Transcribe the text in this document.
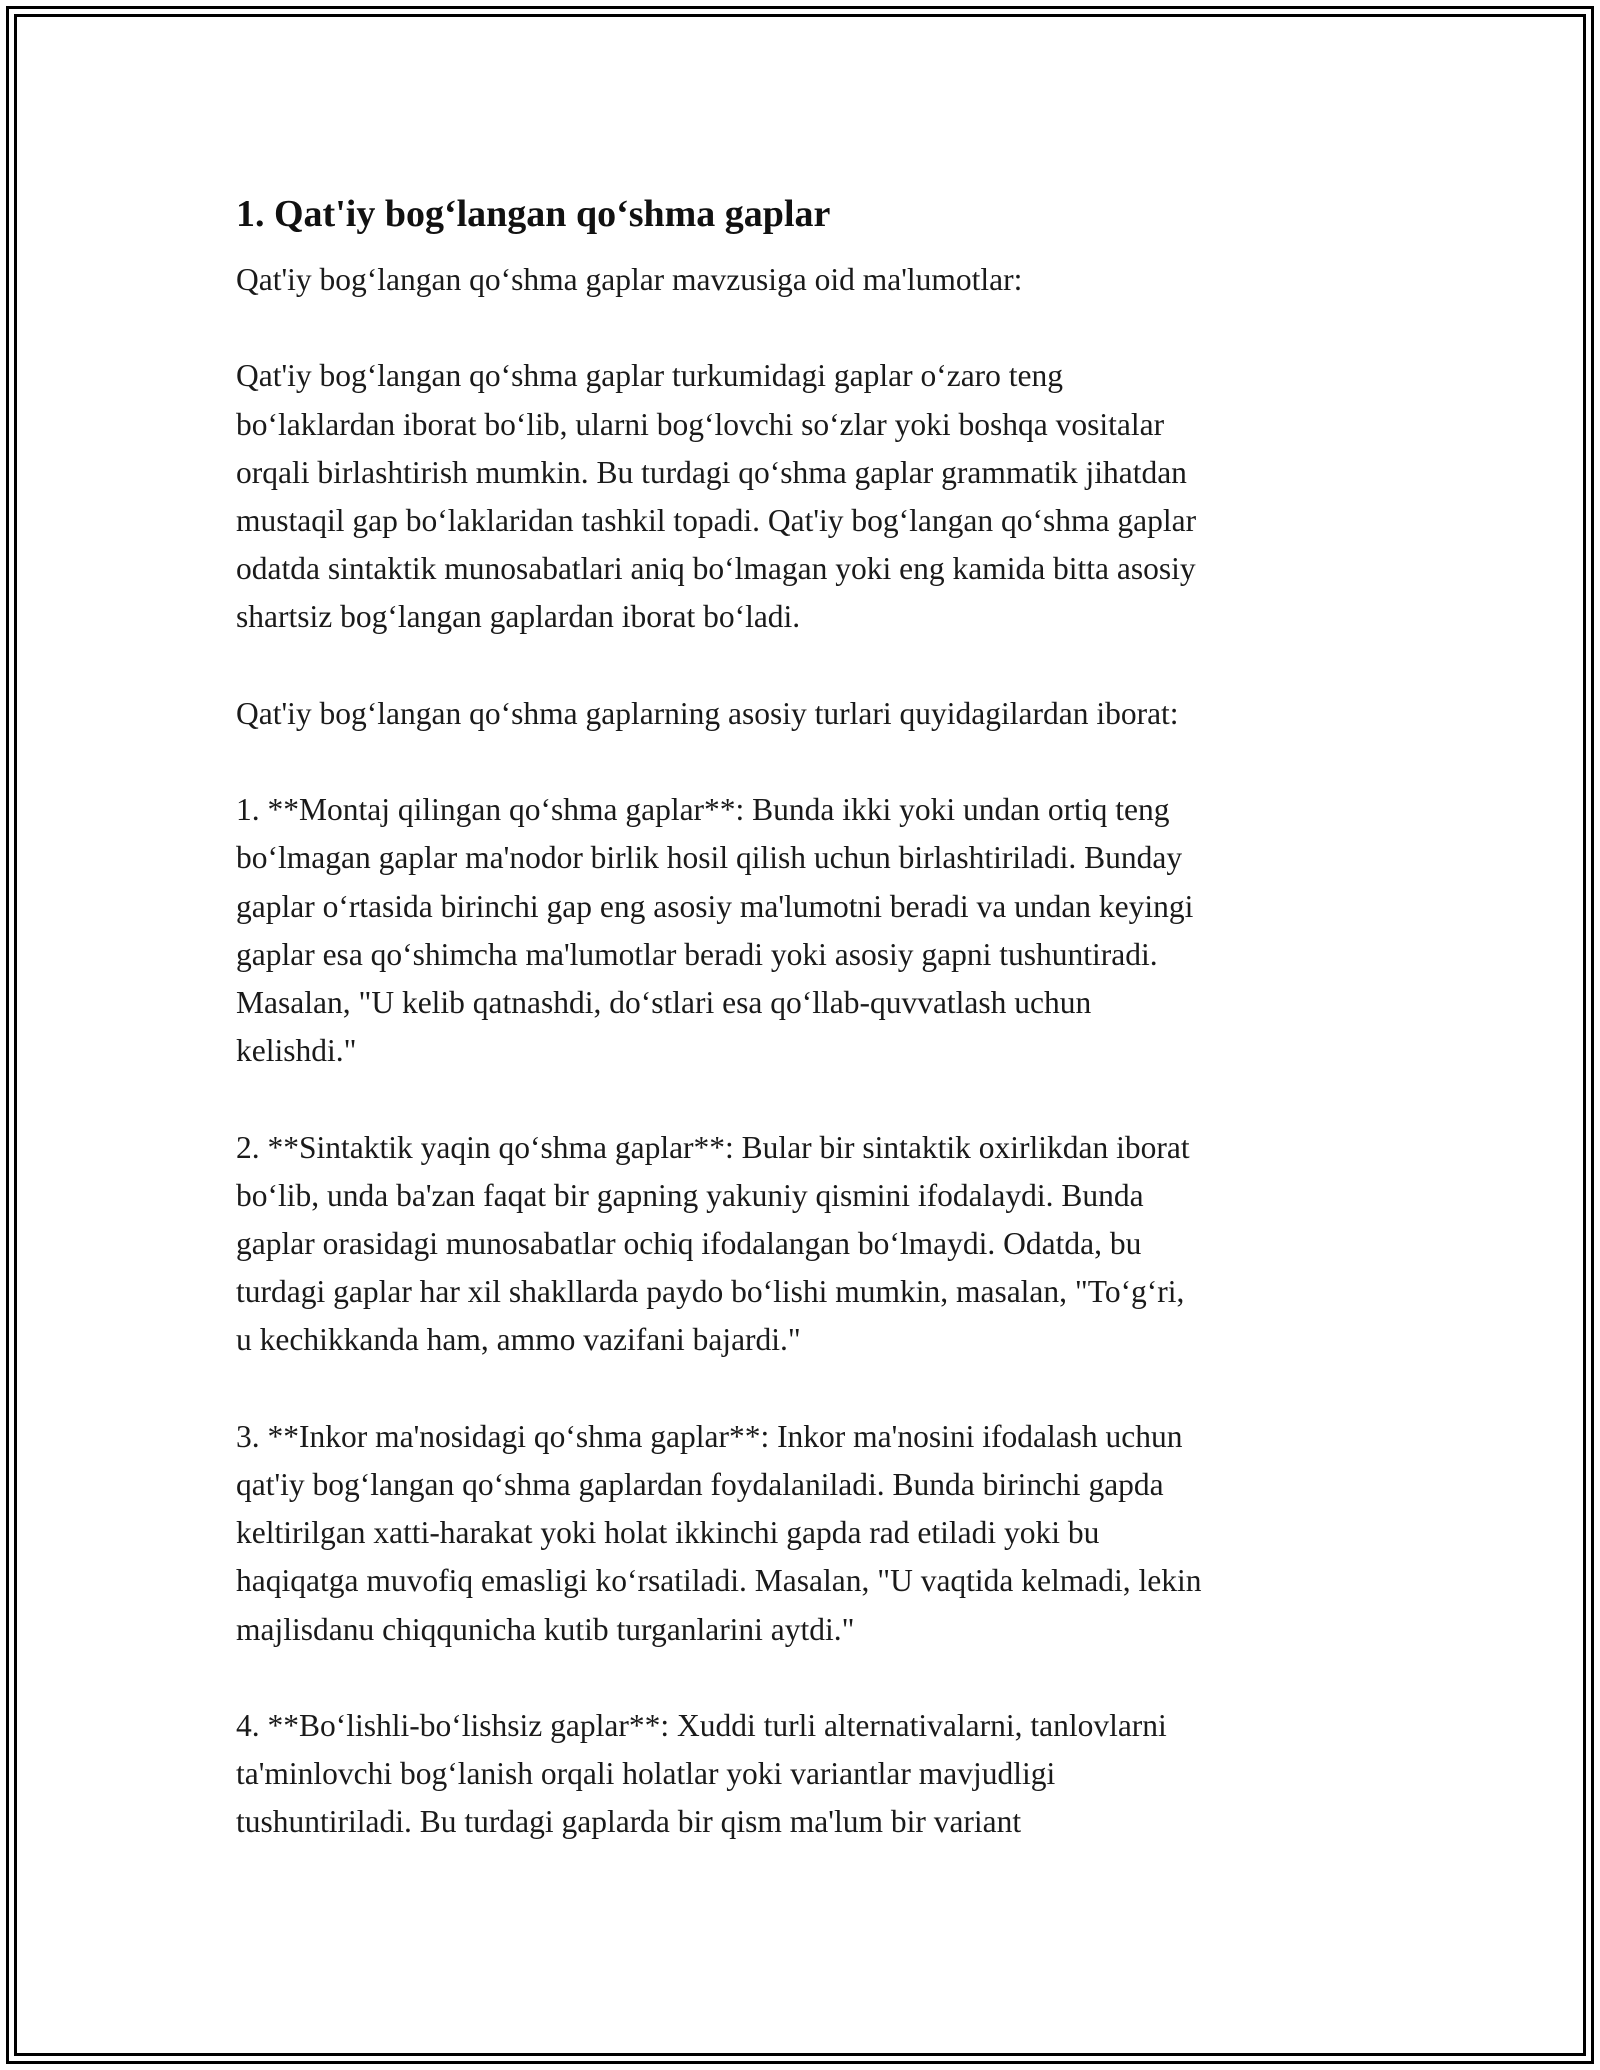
1. Qat'iy bog‘langan qo‘shma gaplar

Qat'iy bog‘langan qo‘shma gaplar mavzusiga oid ma'lumotlar:

Qat'iy bog‘langan qo‘shma gaplar turkumidagi gaplar o‘zaro teng
bo‘laklardan iborat bo‘lib, ularni bog‘lovchi so‘zlar yoki boshqa vositalar
orqali birlashtirish mumkin. Bu turdagi qo‘shma gaplar grammatik jihatdan
mustaqil gap bo‘laklaridan tashkil topadi. Qat'iy bog‘langan qo‘shma gaplar
odatda sintaktik munosabatlari aniq bo‘lmagan yoki eng kamida bitta asosiy
shartsiz bog‘langan gaplardan iborat bo‘ladi.

Qat'iy bog‘langan qo‘shma gaplarning asosiy turlari quyidagilardan iborat:

1. **Montaj qilingan qo‘shma gaplar**: Bunda ikki yoki undan ortiq teng
bo‘lmagan gaplar ma'nodor birlik hosil qilish uchun birlashtiriladi. Bunday
gaplar o‘rtasida birinchi gap eng asosiy ma'lumotni beradi va undan keyingi
gaplar esa qo‘shimcha ma'lumotlar beradi yoki asosiy gapni tushuntiradi.
Masalan, "U kelib qatnashdi, do‘stlari esa qo‘llab-quvvatlash uchun
kelishdi."

2. **Sintaktik yaqin qo‘shma gaplar**: Bular bir sintaktik oxirlikdan iborat
bo‘lib, unda ba'zan faqat bir gapning yakuniy qismini ifodalaydi. Bunda
gaplar orasidagi munosabatlar ochiq ifodalangan bo‘lmaydi. Odatda, bu
turdagi gaplar har xil shakllarda paydo bo‘lishi mumkin, masalan, "To‘g‘ri,
u kechikkanda ham, ammo vazifani bajardi."

3. **Inkor ma'nosidagi qo‘shma gaplar**: Inkor ma'nosini ifodalash uchun
qat'iy bog‘langan qo‘shma gaplardan foydalaniladi. Bunda birinchi gapda
keltirilgan xatti-harakat yoki holat ikkinchi gapda rad etiladi yoki bu
haqiqatga muvofiq emasligi ko‘rsatiladi. Masalan, "U vaqtida kelmadi, lekin
majlisdanu chiqqunicha kutib turganlarini aytdi."

4. **Bo‘lishli-bo‘lishsiz gaplar**: Xuddi turli alternativalarni, tanlovlarni
ta'minlovchi bog‘lanish orqali holatlar yoki variantlar mavjudligi
tushuntiriladi. Bu turdagi gaplarda bir qism ma'lum bir variant
